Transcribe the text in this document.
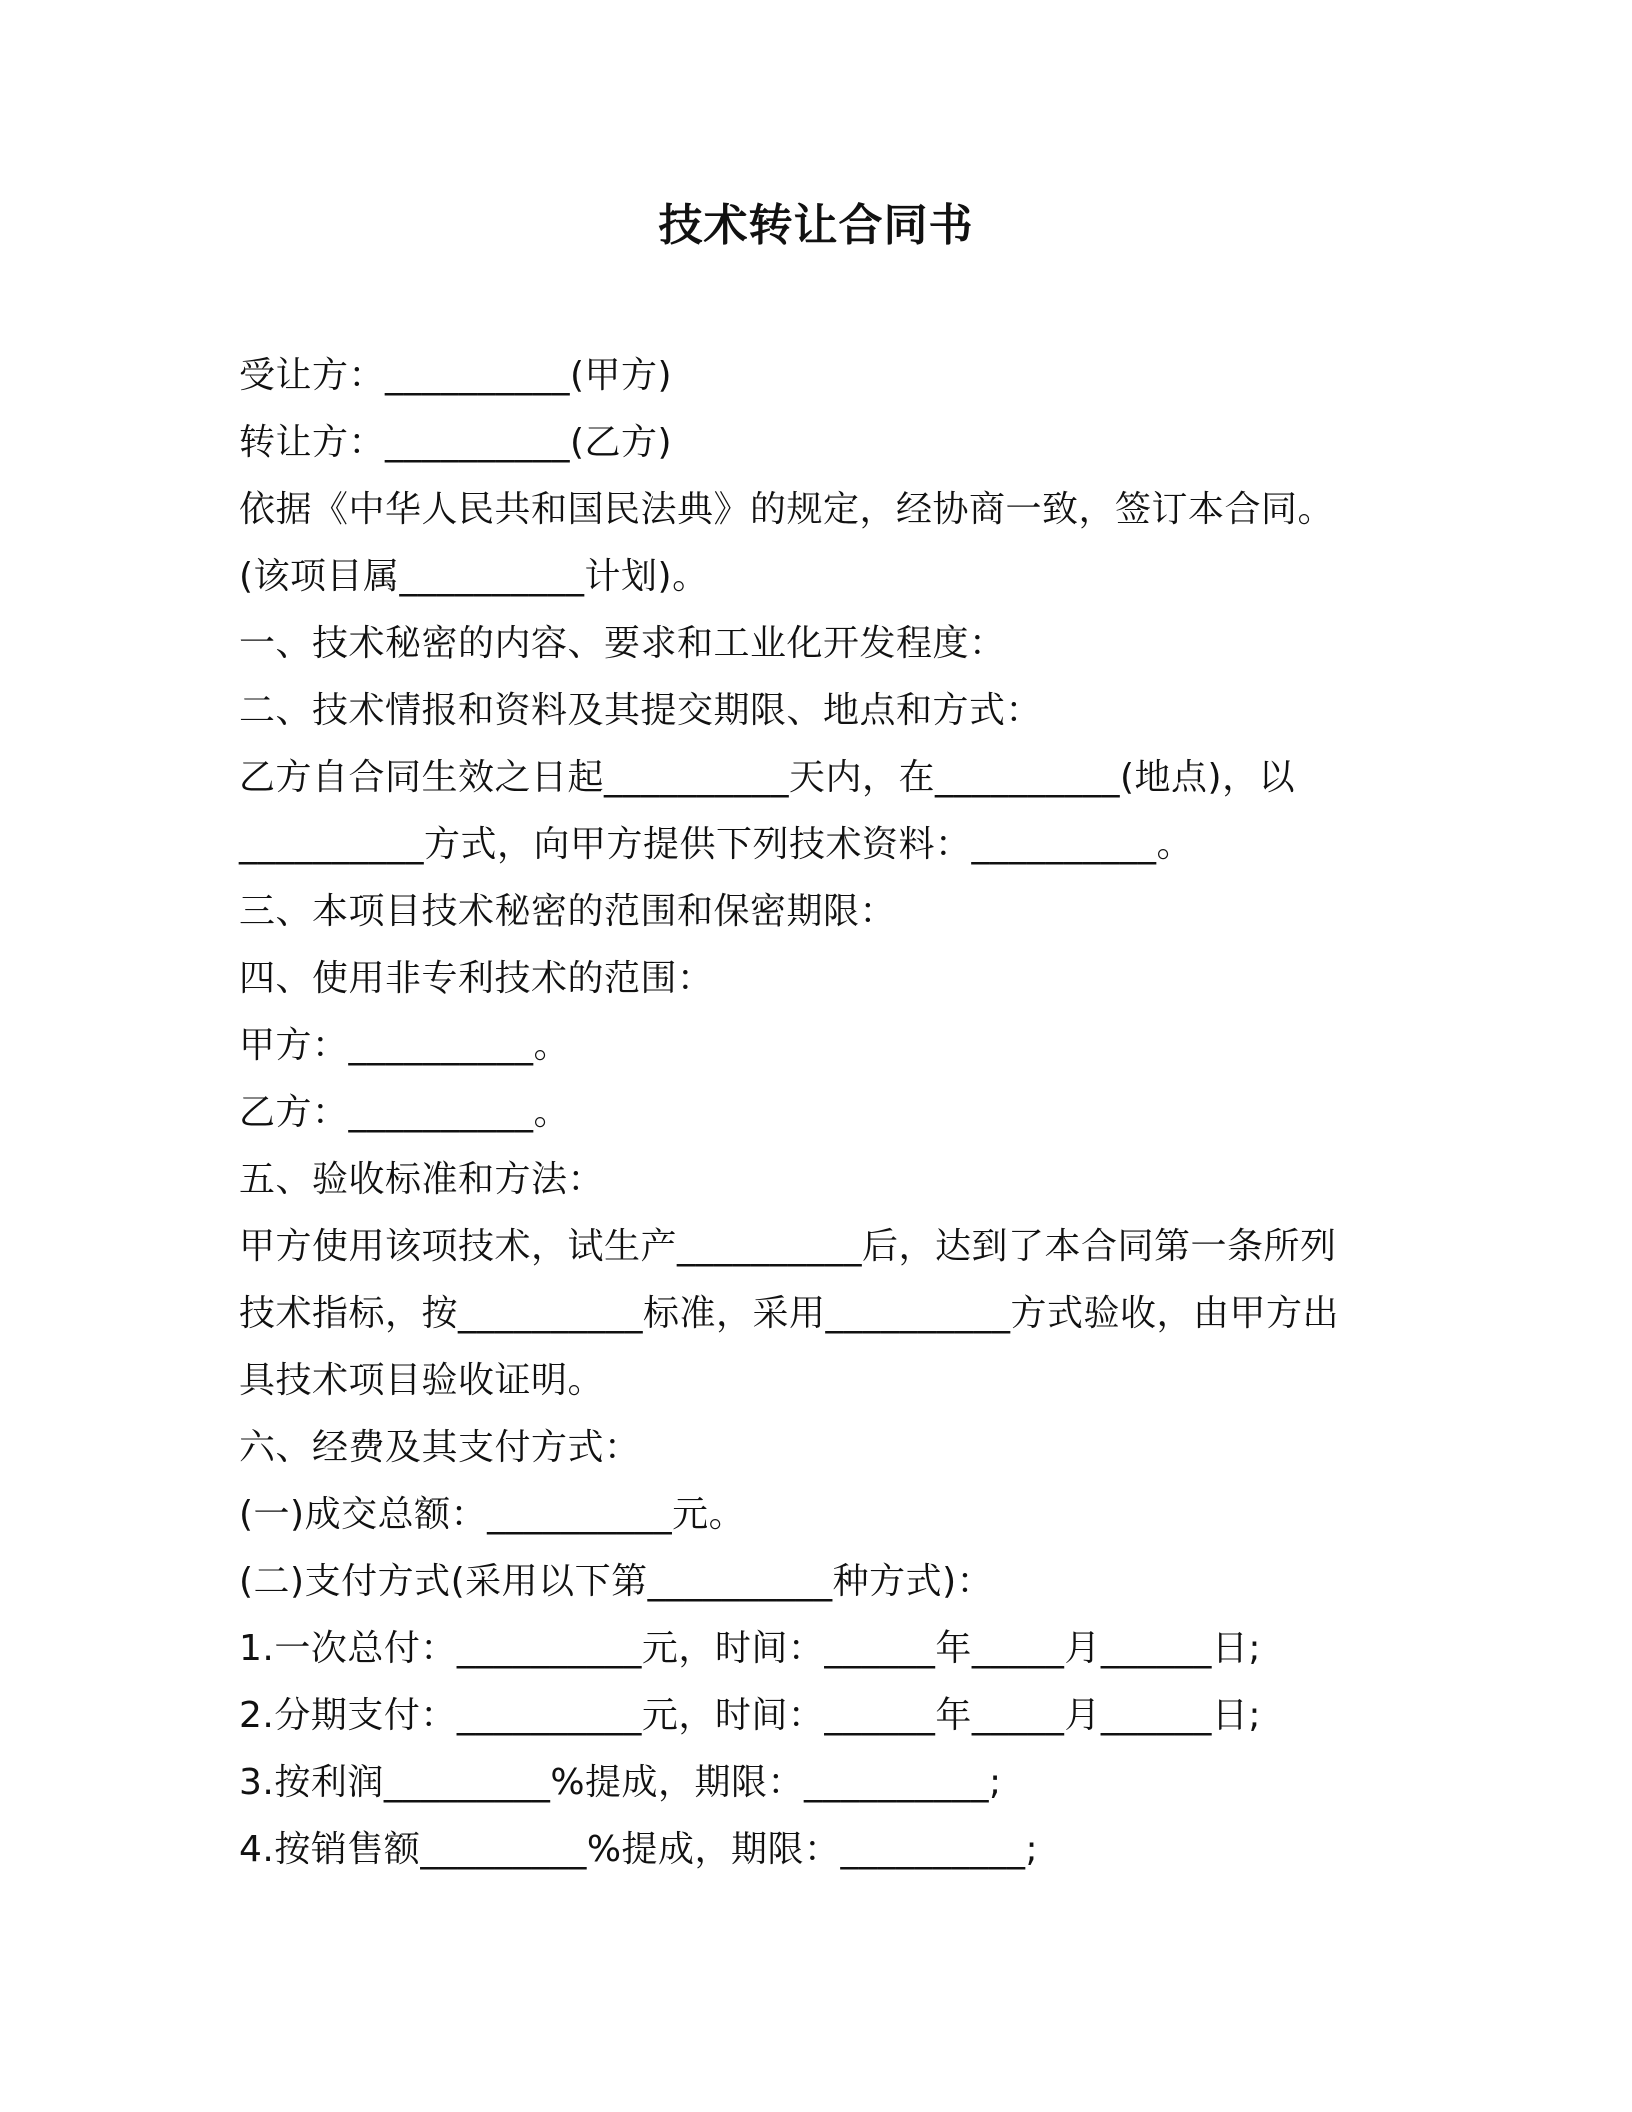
技术转让合同书
受让方：__________(甲方)
转让方：__________(乙方)
依据《中华人民共和国民法典》的规定，经协商一致，签订本合同。
(该项目属__________计划)。
一、技术秘密的内容、要求和工业化开发程度：
二、技术情报和资料及其提交期限、地点和方式：
乙方自合同生效之日起__________天内，在__________(地点)，以
__________方式，向甲方提供下列技术资料：__________。
三、本项目技术秘密的范围和保密期限：
四、使用非专利技术的范围：
甲方：__________。
乙方：__________。
五、验收标准和方法：
甲方使用该项技术，试生产__________后，达到了本合同第一条所列
技术指标，按__________标准，采用__________方式验收，由甲方出
具技术项目验收证明。
六、经费及其支付方式：
(一)成交总额：__________元。
(二)支付方式(采用以下第__________种方式)：
1.一次总付：__________元，时间：______年_____月______日;
2.分期支付：__________元，时间：______年_____月______日;
3.按利润_________%提成，期限：__________;
4.按销售额_________%提成，期限：__________;
